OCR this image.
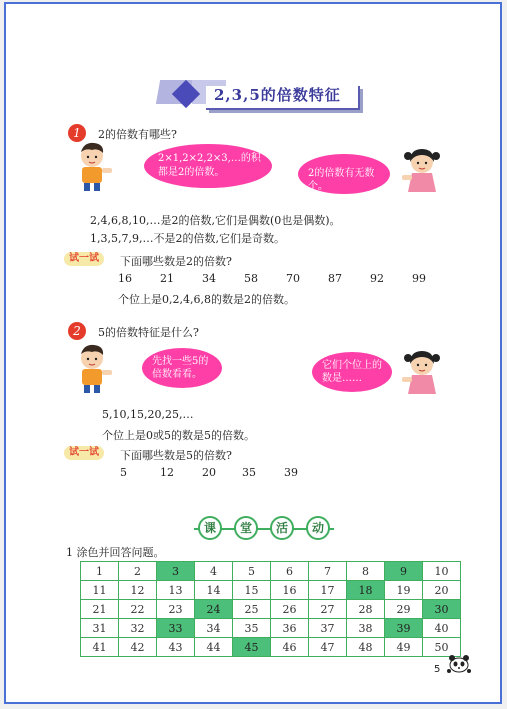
2,3,5的倍数特征
1	2的倍数有哪些?
2×1,2×2,2×3,…的积
都是2的倍数。	2的倍数有无数个。
2,4,6,8,10,…是2的倍数,它们是偶数(0也是偶数)。
1,3,5,7,9,…不是2的倍数,它们是奇数。
试一试	下面哪些数是2的倍数?
16	21	34	58	70	87	92	99
个位上是0,2,4,6,8的数是2的倍数。
2	5的倍数特征是什么?
先找一些5的
倍数看看。
它们个位上的
数是……
5,10,15,20,25,…
个位上是0或5的数是5的倍数。
试一试	下面哪些数是5的倍数?
5	12	20 35	39
课	堂	活	动
1 涂色并回答问题。
1	2	3	4	5	6	7	8	9	10
11	12	13	14	15	16	17	18	19	20
21	22	23	24	25	26	27	28	29	30
31	32	33	34	35	36	37	38	39	40
41	42	43	44	45	46	47	48	49	50
5
